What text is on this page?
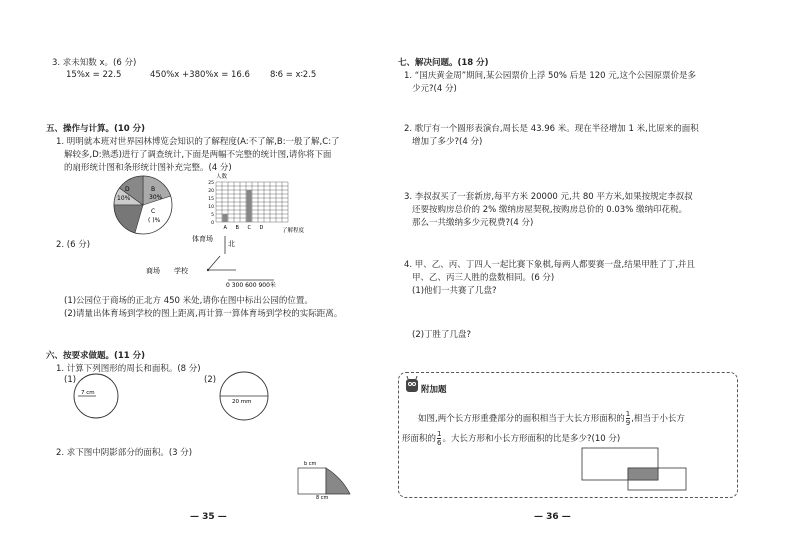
3. 求未知数 x。(6 分)
15%x = 22.5	450%x +380%x = 16.6 8∶6 = x∶2.5
五、操作与计算。(10 分)
1. 明明就本班对世界园林博览会知识的了解程度(A:不了解,B:一般了解,C:了
解较多,D:熟悉)进行了调查统计,下面是两幅不完整的统计图,请你将下面
的扇形统计图和条形统计图补充完整。(4 分)
B
30%
10%
D
C
( )%
人数
25
20
15
10
5
0
A B C D	了解程度
2. (6 分)
体育场
北
商场 学校
0 300 600 900米
(1)公园位于商场的正北方 450 米处,请你在图中标出公园的位置。
(2)请量出体育场到学校的图上距离,再计算一算体育场到学校的实际距离。
六、按要求做题。(11 分)
1. 计算下列图形的周长和面积。(8 分)
(1)
7 cm
(2)
20 mm
2. 求下图中阴影部分的面积。(3 分)
b cm
8 cm
— 35 —
七、解决问题。(18 分)
1. “国庆黄金周”期间,某公园票价上浮 50% 后是 120 元,这个公园原票价是多
少元?(4 分)
2. 歌厅有一个圆形表演台,周长是 43.96 米。现在半径增加 1 米,比原来的面积
增加了多少?(4 分)
3. 李叔叔买了一套新房,每平方米 20000 元,共 80 平方米,如果按规定李叔叔
还要按购房总价的 2% 缴纳房屋契税,按购房总价的 0.03% 缴纳印花税。
那么一共缴纳多少元税费?(4 分)
4. 甲、乙、丙、丁四人一起比赛下象棋,每两人都要赛一盘,结果甲胜了丁,并且
甲、乙、丙三人胜的盘数相同。(6 分)
(1)他们一共赛了几盘?
(2)丁胜了几盘?
附加题
如图,两个长方形重叠部分的面积相当于大长方形面积的 $\frac{1}{9}$ ,相当于小长方
形面积的 $\frac{1}{6}$ 。大长方形和小长方形面积的比是多少?(10 分)
— 36 —
